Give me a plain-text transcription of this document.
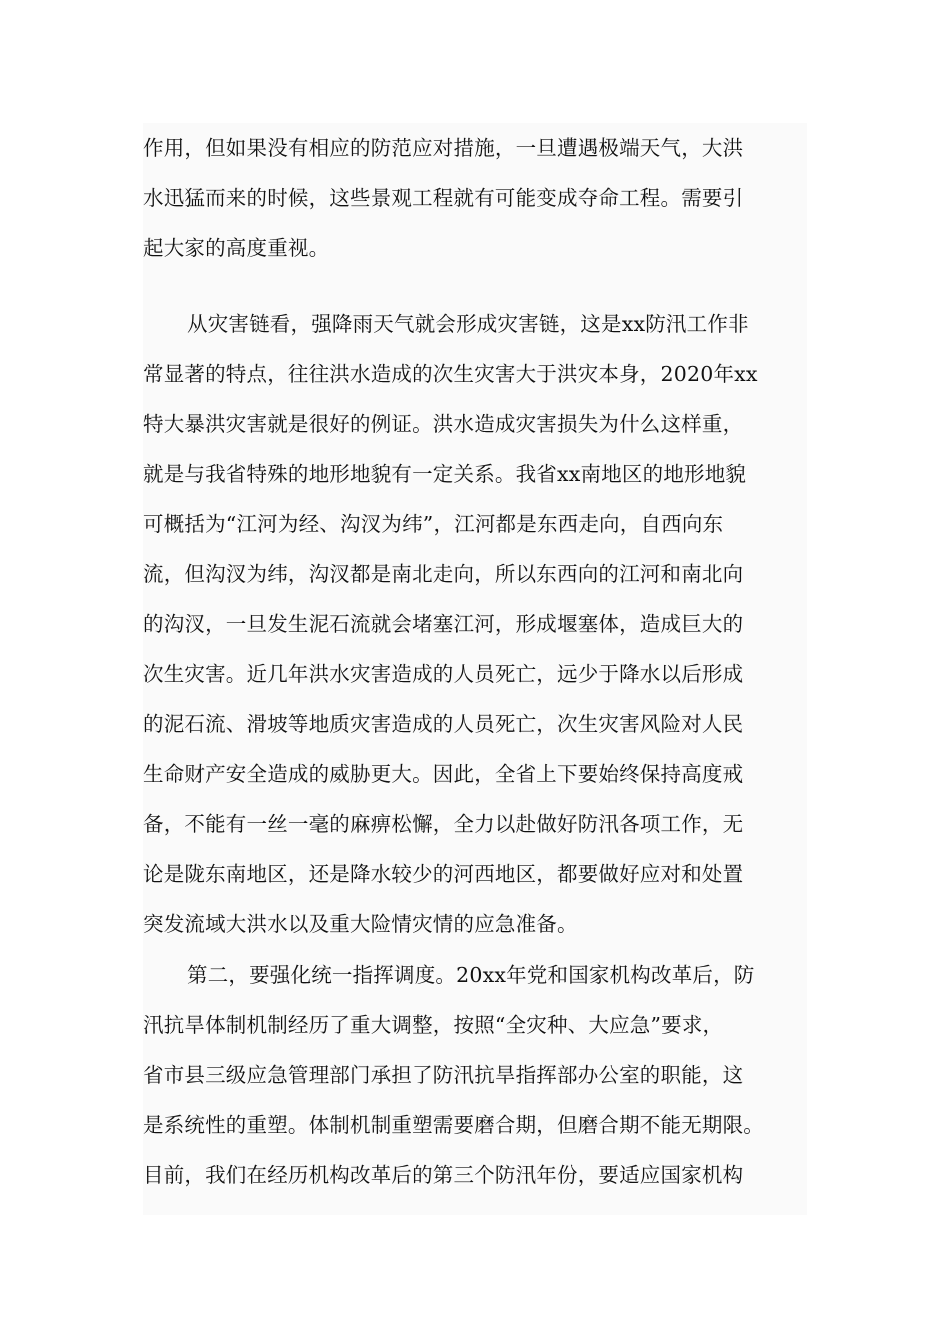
作用，但如果没有相应的防范应对措施，一旦遭遇极端天气，大洪
水迅猛而来的时候，这些景观工程就有可能变成夺命工程。需要引
起大家的高度重视。
从灾害链看，强降雨天气就会形成灾害链，这是xx防汛工作非
常显著的特点，往往洪水造成的次生灾害大于洪灾本身，2020年xx
特大暴洪灾害就是很好的例证。洪水造成灾害损失为什么这样重，
就是与我省特殊的地形地貌有一定关系。我省xx南地区的地形地貌
可概括为“江河为经、沟汊为纬”，江河都是东西走向，自西向东
流，但沟汊为纬，沟汊都是南北走向，所以东西向的江河和南北向
的沟汊，一旦发生泥石流就会堵塞江河，形成堰塞体，造成巨大的
次生灾害。近几年洪水灾害造成的人员死亡，远少于降水以后形成
的泥石流、滑坡等地质灾害造成的人员死亡，次生灾害风险对人民
生命财产安全造成的威胁更大。因此，全省上下要始终保持高度戒
备，不能有一丝一毫的麻痹松懈，全力以赴做好防汛各项工作，无
论是陇东南地区，还是降水较少的河西地区，都要做好应对和处置
突发流域大洪水以及重大险情灾情的应急准备。
第二，要强化统一指挥调度。20xx年党和国家机构改革后，防
汛抗旱体制机制经历了重大调整，按照“全灾种、大应急”要求，
省市县三级应急管理部门承担了防汛抗旱指挥部办公室的职能，这
是系统性的重塑。体制机制重塑需要磨合期，但磨合期不能无期限。
目前，我们在经历机构改革后的第三个防汛年份，要适应国家机构
